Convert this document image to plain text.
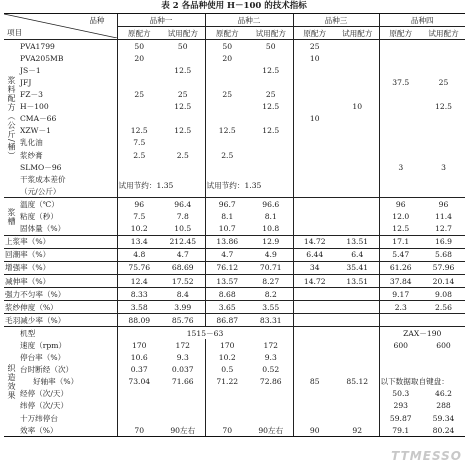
表 2 各品种使用 H－100 的技术指标
品种
项目		品种一		品种二		品种三		品种四	
		原配方	试用配方	原配方	试用配方	原配方	试用配方	原配方	试用配方
浆料配方（公斤/桶）	PVA1799	50	50	50	50	25			
	PVA205MB	20		20		10			
	JS－1		12.5		12.5				
	JFJ							37.5	25
	FZ－3	25	25	25	25				
	H－100		12.5		12.5		10		12.5
	CMA－66					10			
	XZW－1	12.5	12.5	12.5	12.5				
	乳化油	7.5							
	浆纱膏	2.5	2.5	2.5					
	SLMO－96							3	3
	干浆成本差价	试用节约：1.35		试用节约：1.35					
	（元/公斤）								
浆槽	温度（℃）	96	96.4	96.7	96.6			96	96
	粘度（秒）	7.5	7.8	8.1	8.1			12.0	11.4
	固体量（%）	10.2	10.5	10.7	10.8			12.5	12.7
上浆率（%）		13.4	212.45	13.86	12.9	14.72	13.51	17.1	16.9
回潮率（%）		4.8	4.7	4.7	4.9	6.44	6.4	5.47	5.68
增强率（%）		75.76	68.69	76.12	70.71	34	35.41	61.26	57.96
减伸率（%）		12.4	17.52	13.57	8.27	14.72	13.51	37.84	20.14
强力不匀率（%）		8.33	8.4	8.68	8.2			9.17	9.08
浆纱伸度（%）		3.58	3.99	3.65	3.55			2.3	2.56
毛羽减少率（%）		88.09	85.76	86.87	83.31				
织造效果	机型	1515－63						ZAX－190	
	速度（rpm）	170	172	170	172			600	600
	停台率（%）	10.6	9.3	10.2	9.3				
	台时断经（次）	0.37	0.037	0.5	0.52				
	好轴率（%）	73.04	71.66	71.22	72.86	85	85.12	以下数据取自键盘：	
	经停（次/天）							50.3	46.2
	纬停（次/天）							293	288
	十万纬停台							59.87	59.34
	效率（%）	70	90左右	70	90左右	90	92	79.1	80.24
TTMESSO
